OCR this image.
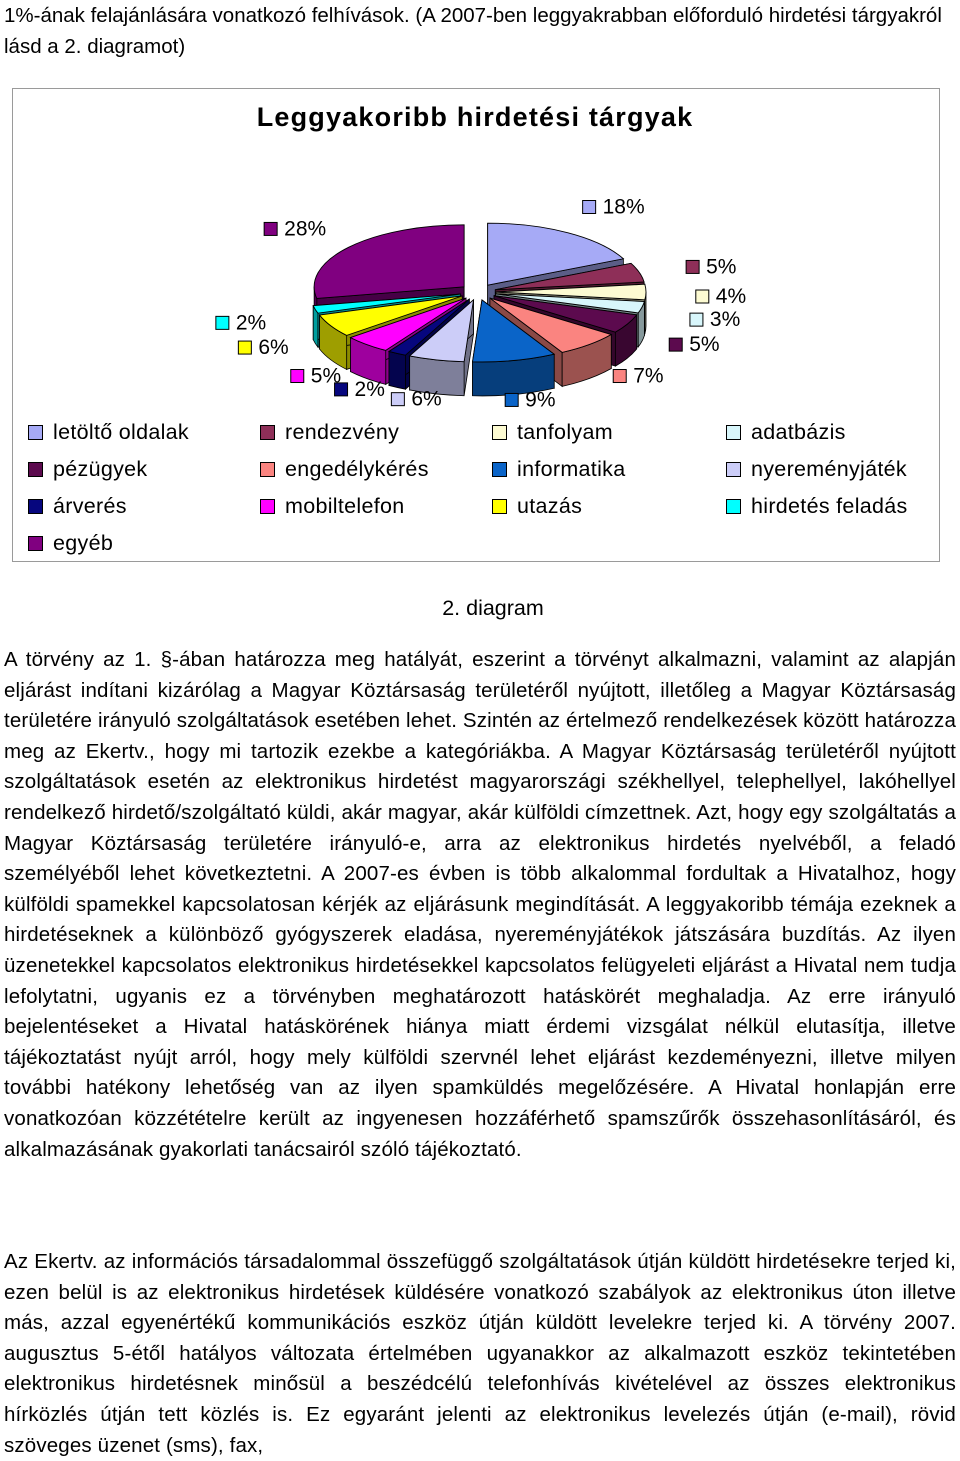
1%-ának felajánlására vonatkozó felhívások. (A 2007-ben leggyakrabban előforduló hirdetési tárgyakról lásd a 2. diagramot)

Leggyakoribb hirdetési tárgyak
18%
5%
4%
3%
5%
7%
9%
6%
2%
5%
6%
2%
28%
letöltő oldalak	rendezvény	tanfolyam	adatbázis
pézügyek	engedélykérés	informatika	nyereményjáték
árverés	mobiltelefon	utazás	hirdetés feladás
egyéb

2. diagram

A törvény az 1. §-ában határozza meg hatályát, eszerint a törvényt alkalmazni, valamint az alapján eljárást indítani kizárólag a Magyar Köztársaság területéről nyújtott, illetőleg a Magyar Köztársaság területére irányuló szolgáltatások esetében lehet. Szintén az értelmező rendelkezések között határozza meg az Ekertv., hogy mi tartozik ezekbe a kategóriákba. A Magyar Köztársaság területéről nyújtott szolgáltatások esetén az elektronikus hirdetést magyarországi székhellyel, telephellyel, lakóhellyel rendelkező hirdető/szolgáltató küldi, akár magyar, akár külföldi címzettnek. Azt, hogy egy szolgáltatás a Magyar Köztársaság területére irányuló-e, arra az elektronikus hirdetés nyelvéből, a feladó személyéből lehet következtetni. A 2007-es évben is több alkalommal fordultak a Hivatalhoz, hogy külföldi spamekkel kapcsolatosan kérjék az eljárásunk megindítását. A leggyakoribb témája ezeknek a hirdetéseknek a különböző gyógyszerek eladása, nyereményjátékok játszására buzdítás. Az ilyen üzenetekkel kapcsolatos elektronikus hirdetésekkel kapcsolatos felügyeleti eljárást a Hivatal nem tudja lefolytatni, ugyanis ez a törvényben meghatározott hatáskörét meghaladja. Az erre irányuló bejelentéseket a Hivatal hatáskörének hiánya miatt érdemi vizsgálat nélkül elutasítja, illetve tájékoztatást nyújt arról, hogy mely külföldi szervnél lehet eljárást kezdeményezni, illetve milyen további hatékony lehetőség van az ilyen spamküldés megelőzésére. A Hivatal honlapján erre vonatkozóan közzétételre került az ingyenesen hozzáférhető spamszűrők összehasonlításáról, és alkalmazásának gyakorlati tanácsairól szóló tájékoztató.

Az Ekertv. az információs társadalommal összefüggő szolgáltatások útján küldött hirdetésekre terjed ki, ezen belül is az elektronikus hirdetések küldésére vonatkozó szabályok az elektronikus úton illetve más, azzal egyenértékű kommunikációs eszköz útján küldött levelekre terjed ki. A törvény 2007. augusztus 5-étől hatályos változata értelmében ugyanakkor az alkalmazott eszköz tekintetében elektronikus hirdetésnek minősül a beszédcélú telefonhívás kivételével az összes elektronikus hírközlés útján tett közlés is. Ez egyaránt jelenti az elektronikus levelezés útján (e-mail), rövid szöveges üzenet (sms), fax,
